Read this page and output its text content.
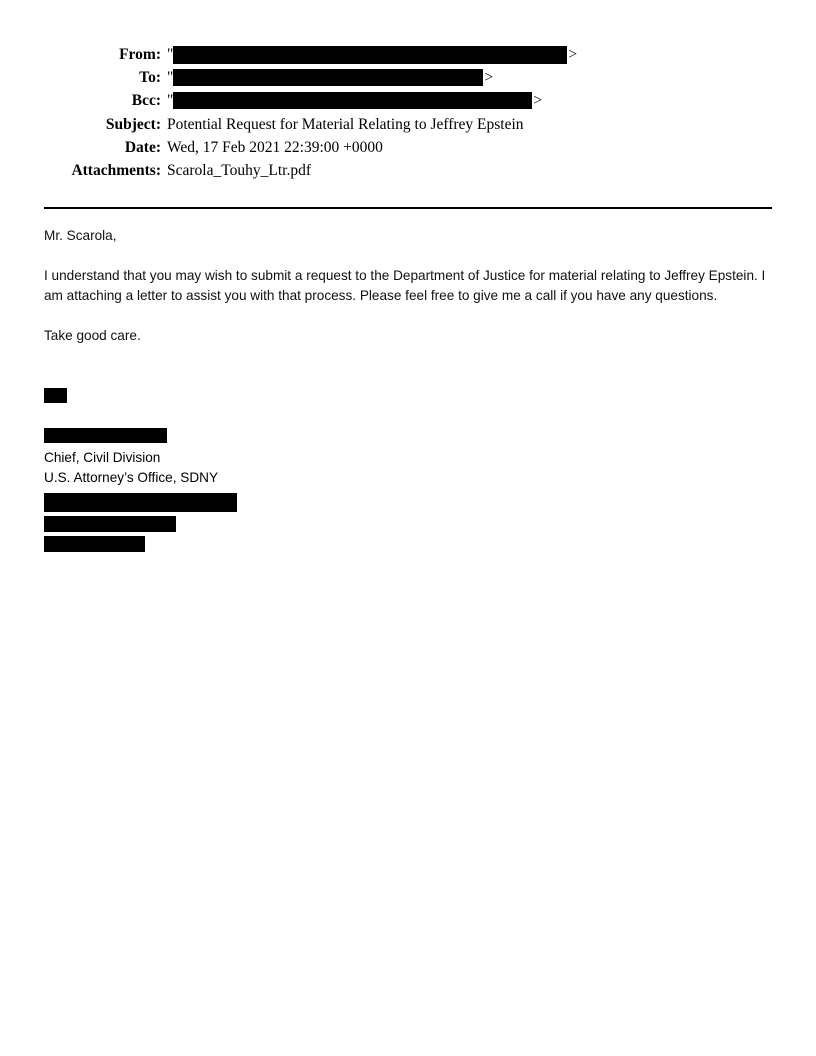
From: "	>
To: "	>
Bcc: "	>
Subject: Potential Request for Material Relating to Jeffrey Epstein
Date: Wed, 17 Feb 2021 22:39:00 +0000
Attachments: Scarola_Touhy_Ltr.pdf

Mr. Scarola,

I understand that you may wish to submit a request to the Department of Justice for material relating to Jeffrey Epstein. I am attaching a letter to assist you with that process. Please feel free to give me a call if you have any questions.

Take good care.

Chief, Civil Division

U.S. Attorney’s Office, SDNY
